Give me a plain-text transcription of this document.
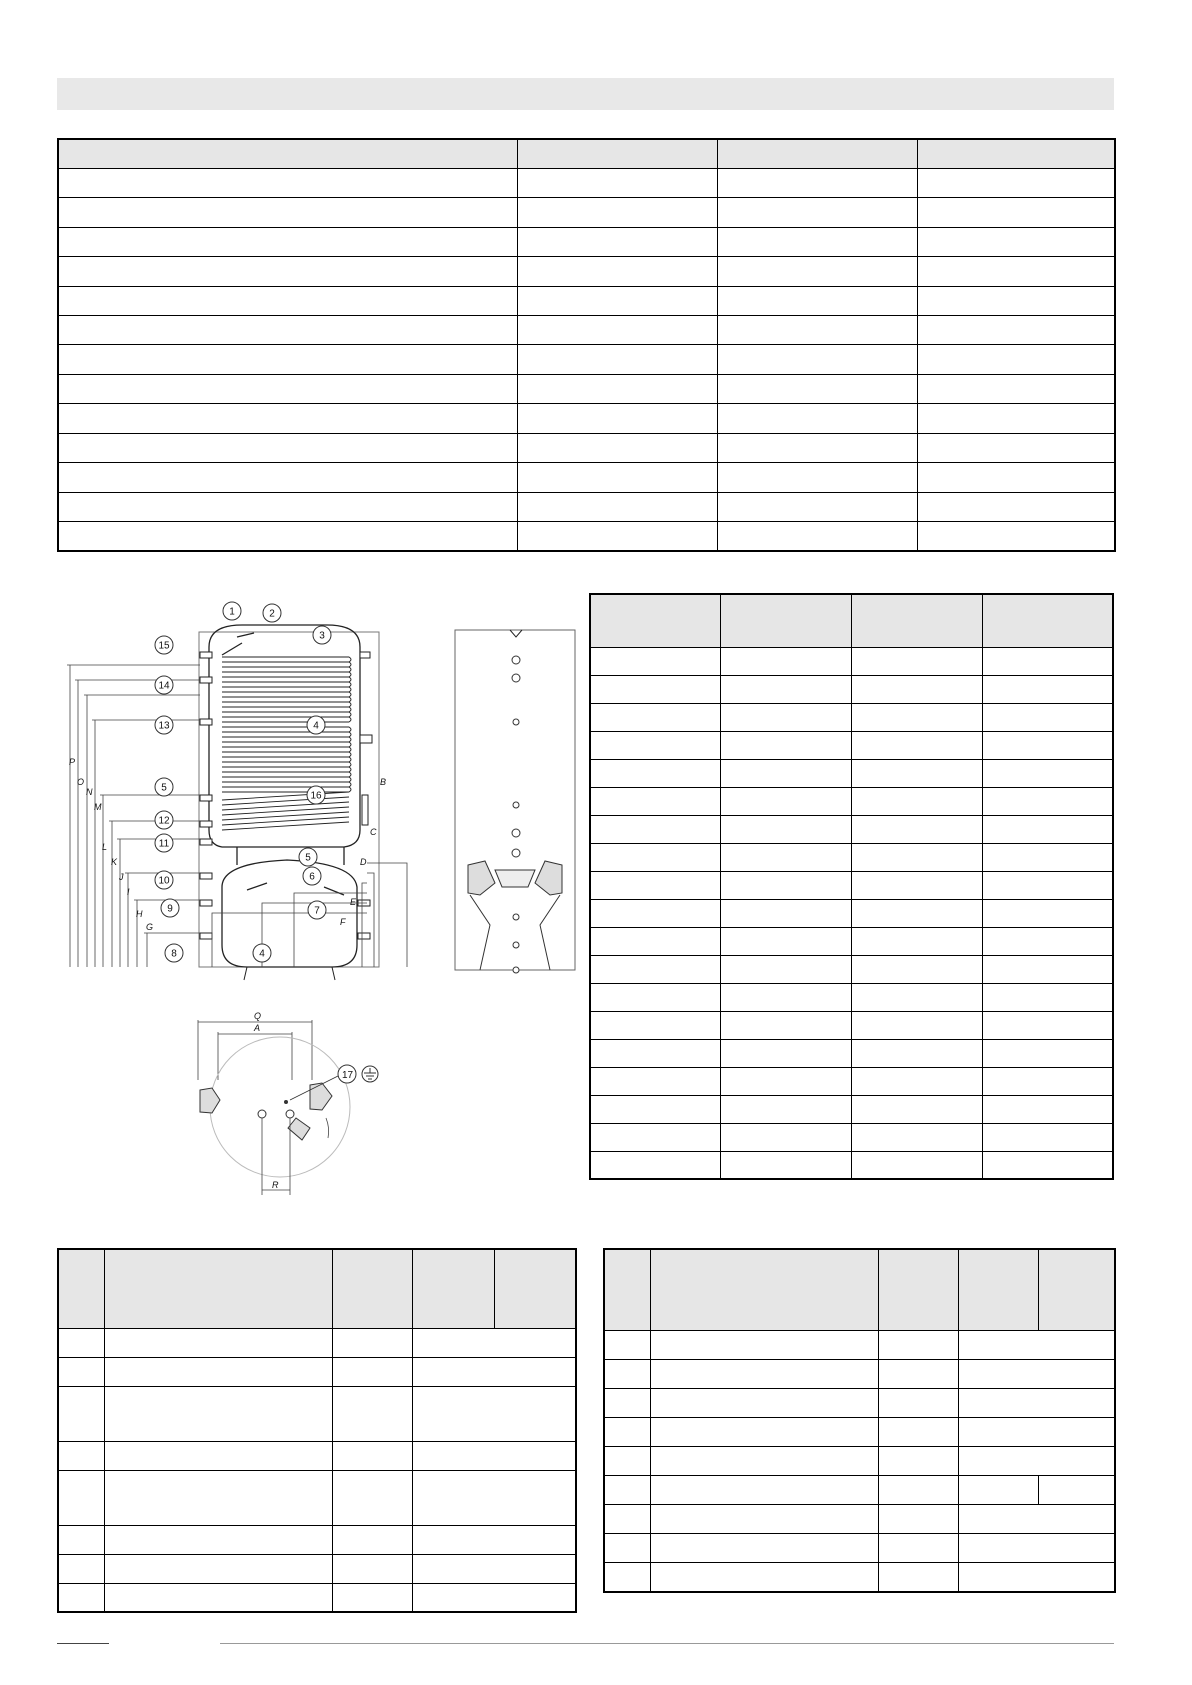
1	2
3
15
14
13	4
5
16
12
11
5
10	6
9	7
4
8
P
O
N
M
L
K
J
I
H
G
B
C
D
E
F
Q
A
R
17
